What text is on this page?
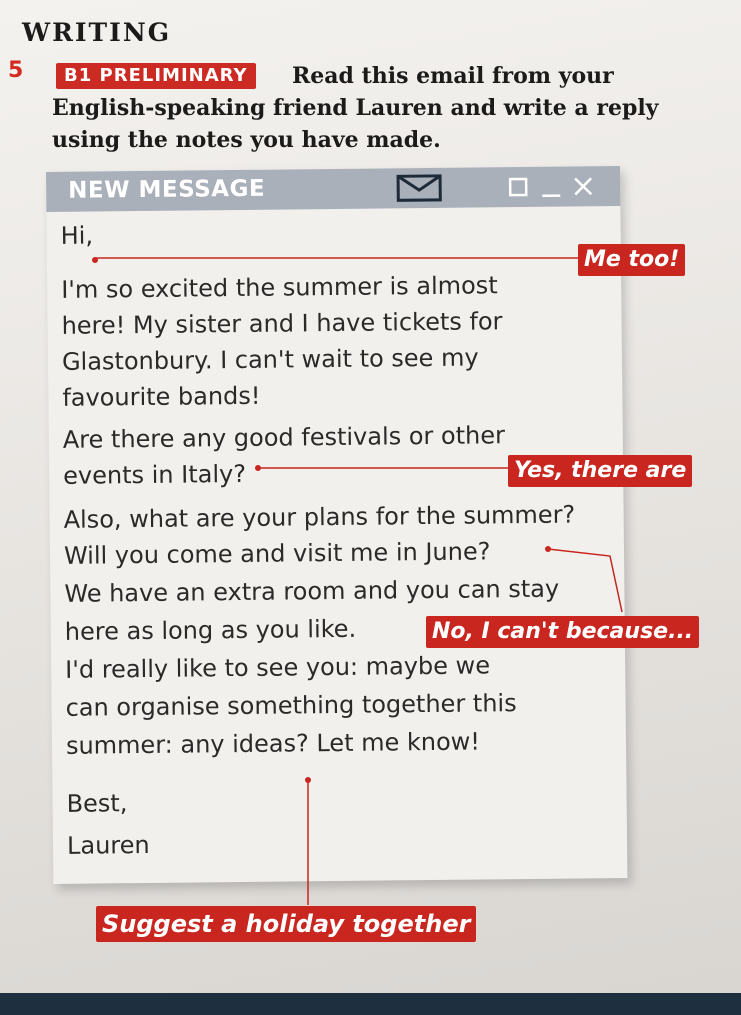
WRITING
5	B1 PRELIMINARY	Read this email from your English-speaking friend Lauren and write a reply using the notes you have made.
NEW MESSAGE
Hi,
I'm so excited the summer is almost
here! My sister and I have tickets for
Glastonbury. I can't wait to see my
favourite bands!
Are there any good festivals or other
events in Italy?
Also, what are your plans for the summer?
Will you come and visit me in June?
We have an extra room and you can stay
here as long as you like.
I'd really like to see you: maybe we
can organise something together this
summer: any ideas? Let me know!
Best,
Lauren
Me too!
Yes, there are
No, I can't because...
Suggest a holiday together
